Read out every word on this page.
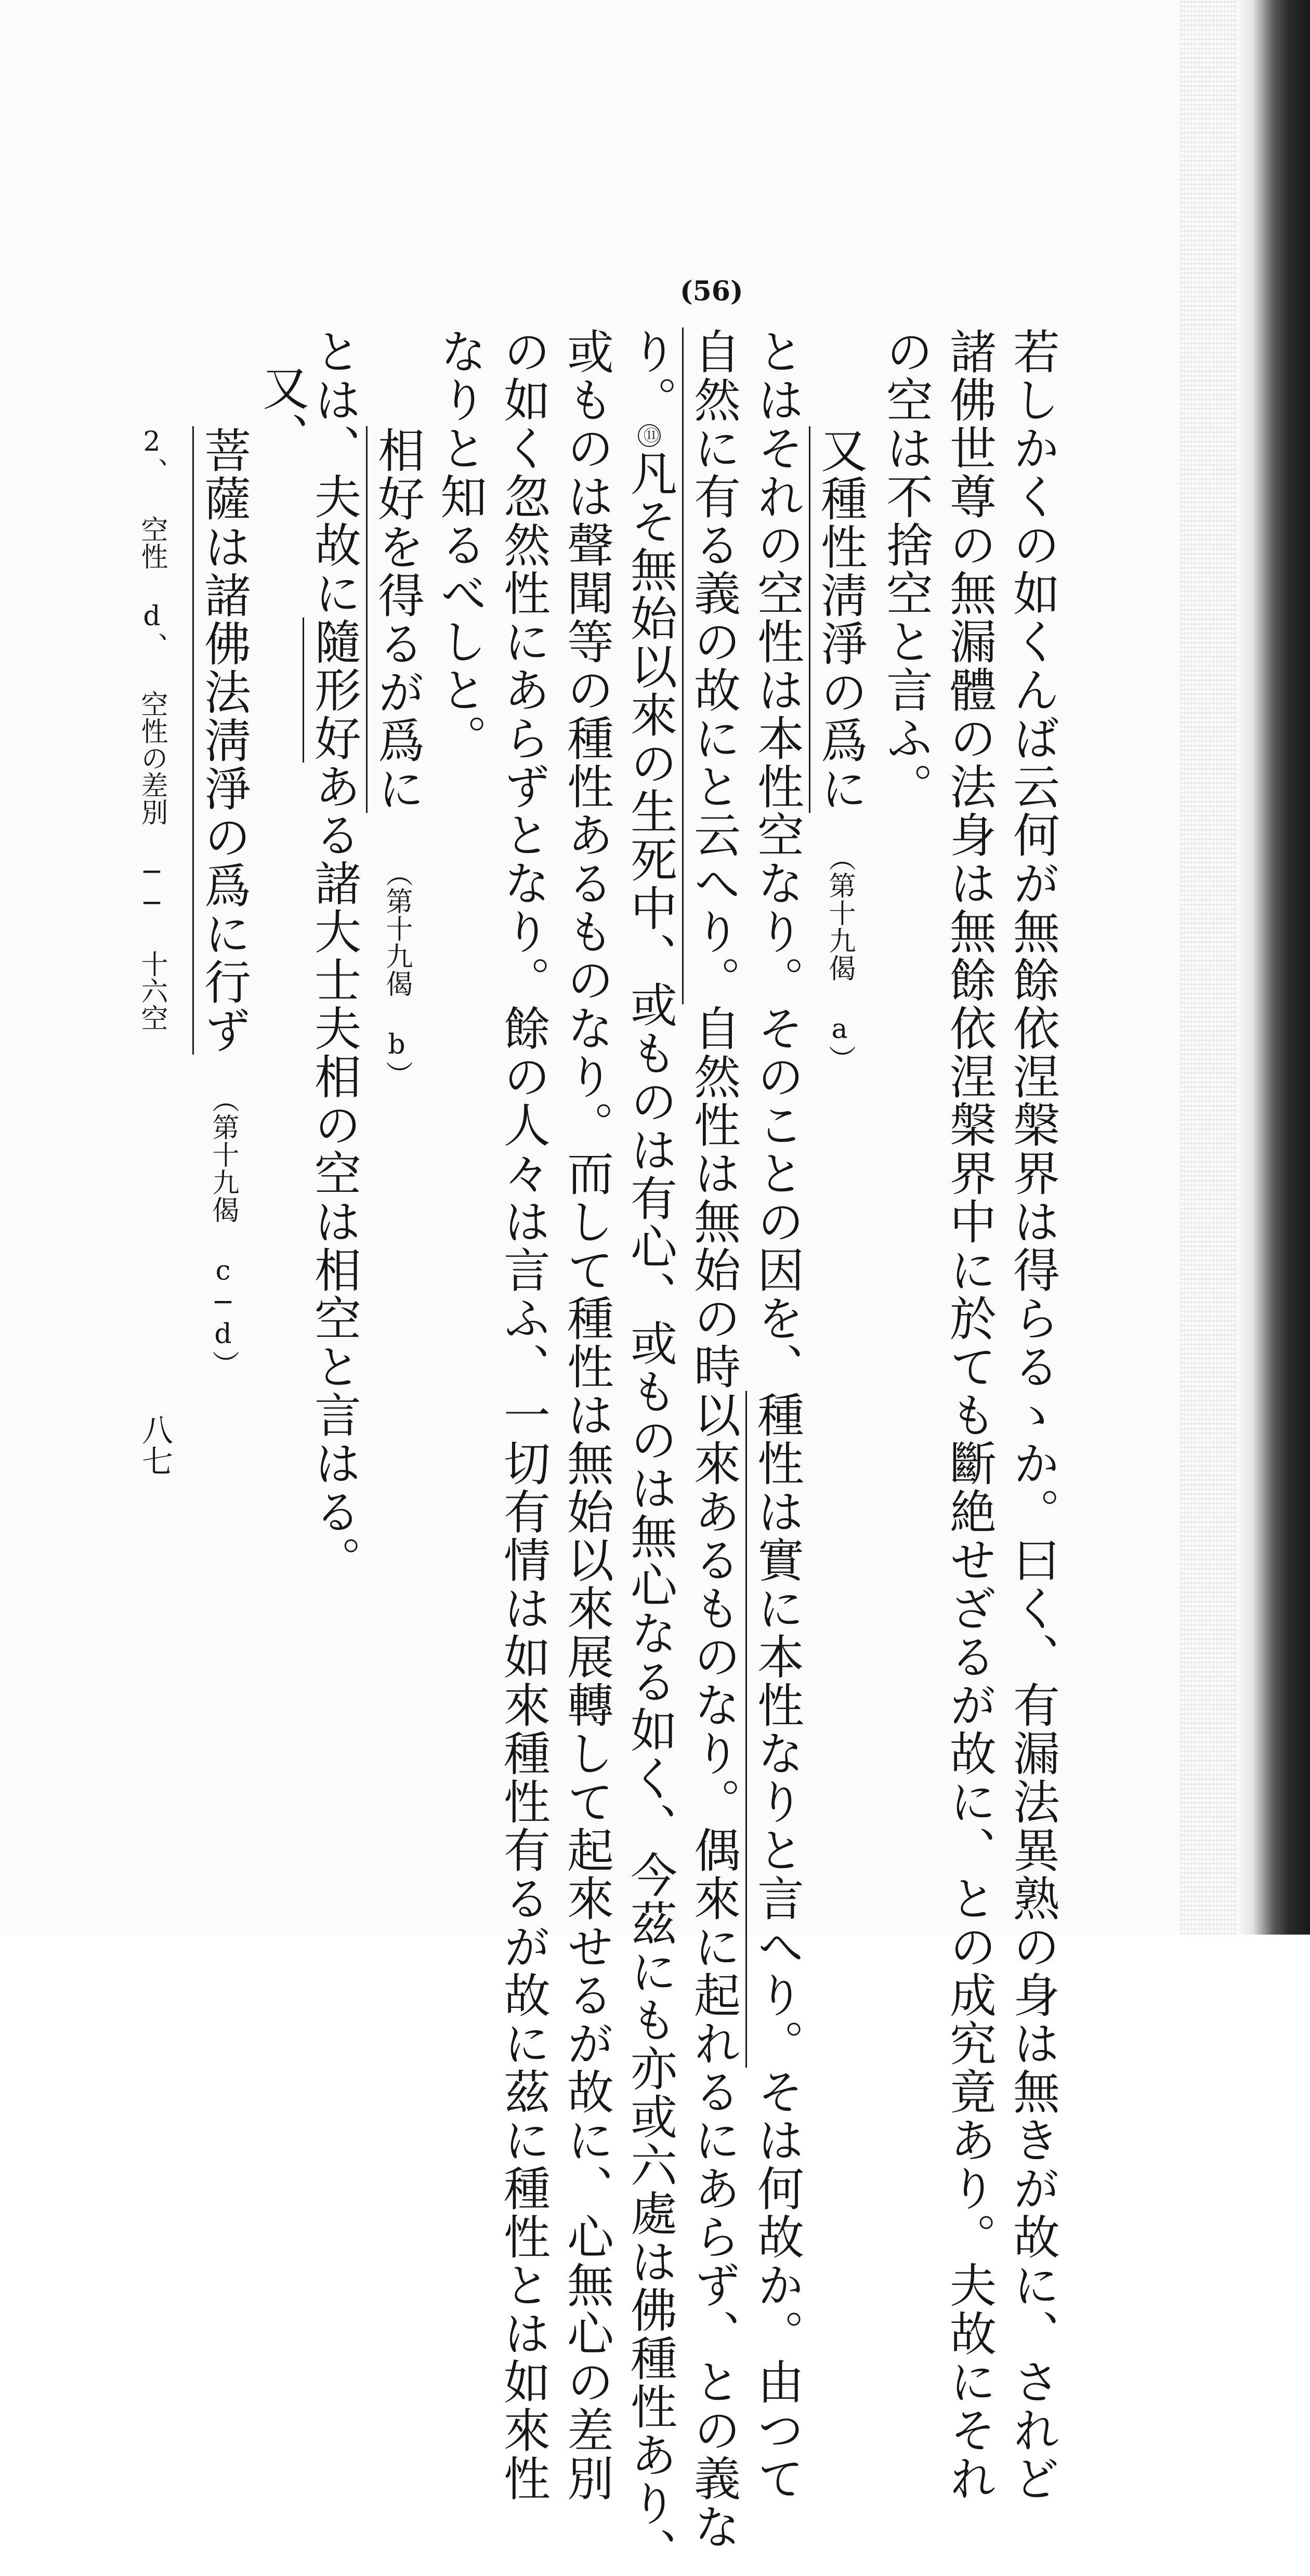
(56)
若しかくの如くんば云何が無餘依涅槃界は得らるゝか。曰く、有漏法異熟の身は無きが故に、されど
諸佛世尊の無漏體の法身は無餘依涅槃界中に於ても斷絶せざるが故に、との成究竟あり。夫故にそれ
の空は不捨空と言ふ。
又種性淸淨の爲に（第十九偈 a）
とはそれの空性は本性空なり。そのことの因を、種性は實に本性なりと言へり。そは何故か。由つて
自然に有る義の故にと云へり。自然性は無始の時以來あるものなり。偶來に起れるにあらず、との義な
り。⑪凡そ無始以來の生死中、或ものは有心、或ものは無心なる如く、今茲にも亦或六處は佛種性あり、
或ものは聲聞等の種性あるものなり。而して種性は無始以來展轉して起來せるが故に、心無心の差別
の如く忽然性にあらずとなり。餘の人々は言ふ、一切有情は如來種性有るが故に茲に種性とは如來性
なりと知るべしと。
相好を得るが爲に（第十九偈 b）
とは、夫故に隨形好ある諸大士夫相の空は相空と言はる。
又、
菩薩は諸佛法淸淨の爲に行ず（第十九偈 c─d）
2、 空性 d、 空性の差別 ── 十六空
八七
